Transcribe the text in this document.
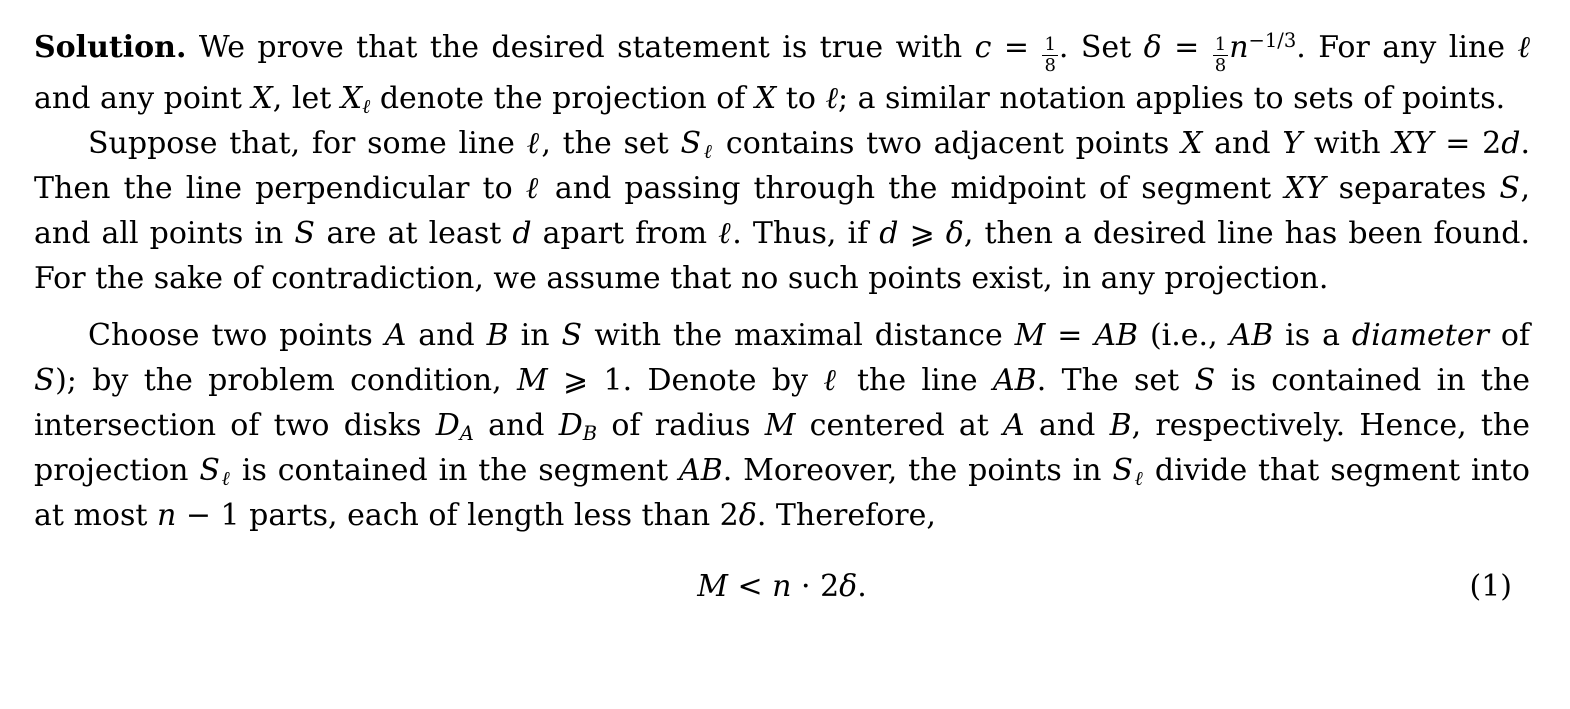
Solution. We prove that the desired statement is true with $c = \frac{1}{8}$ . Set $\delta = \frac{1}{8} n^{-1/3}$. For any line ℓ and any point X, let Xℓ denote the projection of X to ℓ; a similar notation applies to sets of points.

Suppose that, for some line ℓ, the set Sℓ contains two adjacent points X and Y with XY = 2d. Then the line perpendicular to ℓ and passing through the midpoint of segment XY separates S, and all points in S are at least d apart from ℓ. Thus, if d ⩾ δ, then a desired line has been found. For the sake of contradiction, we assume that no such points exist, in any projection.

Choose two points A and B in S with the maximal distance M = AB (i.e., AB is a diameter of S); by the problem condition, M ⩾ 1. Denote by ℓ the line AB. The set S is contained in the intersection of two disks DA and DB of radius M centered at A and B, respectively. Hence, the projection Sℓ is contained in the segment AB. Moreover, the points in Sℓ divide that segment into at most n − 1 parts, each of length less than 2δ. Therefore,

M < n · 2δ.	(1)
